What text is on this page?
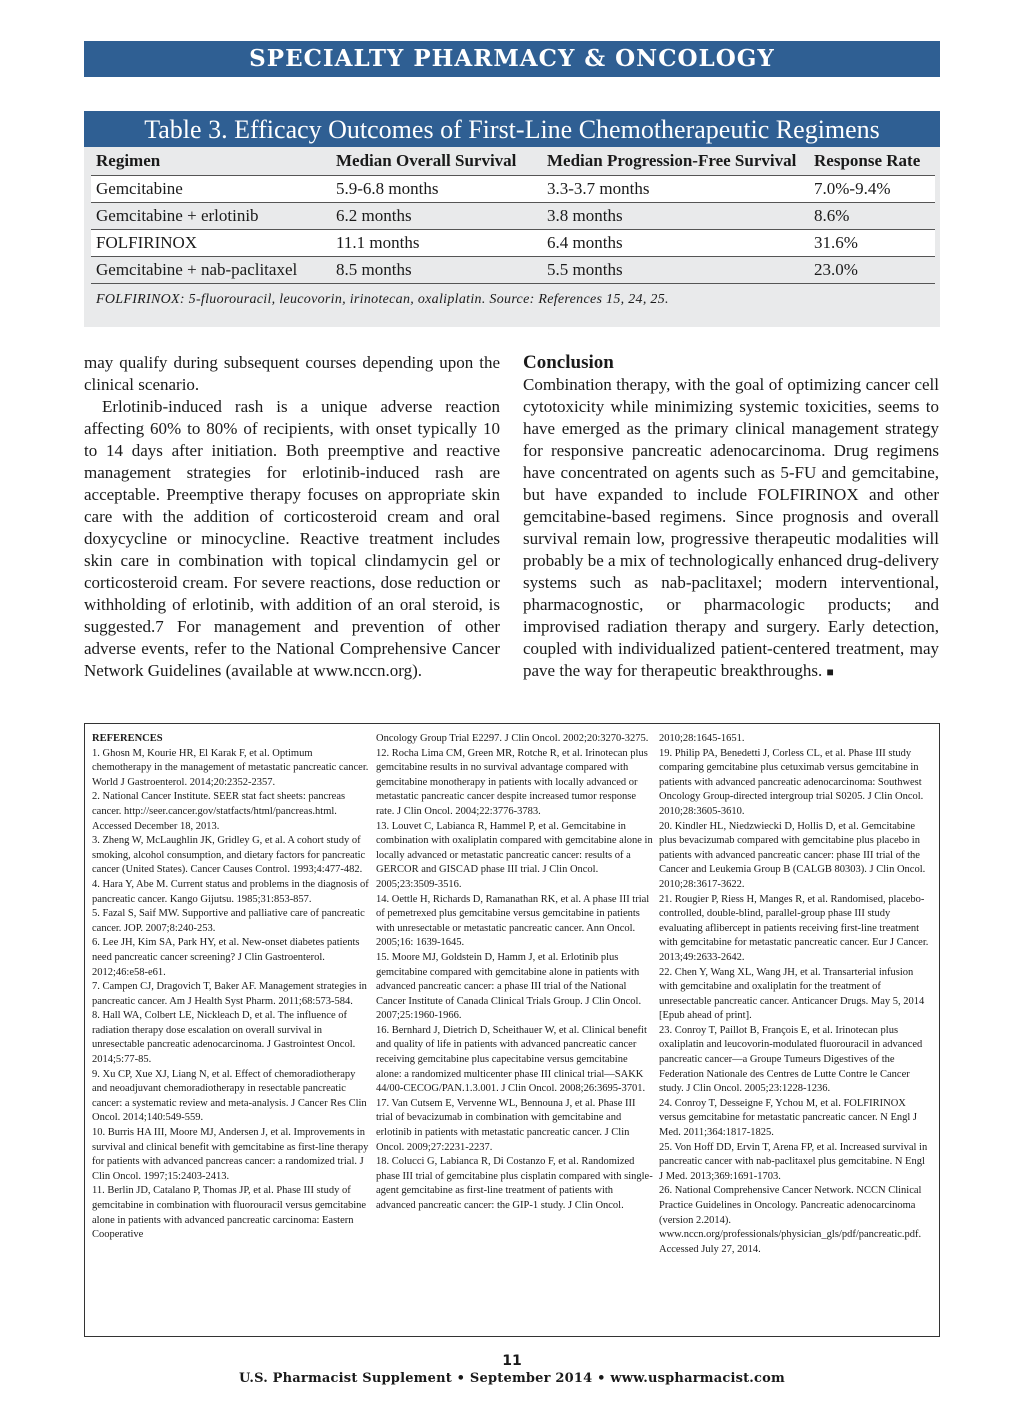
SPECIALTY PHARMACY & ONCOLOGY
Table 3. Efficacy Outcomes of First-Line Chemotherapeutic Regimens
Regimen	Median Overall Survival	Median Progression-Free Survival	Response Rate
Gemcitabine	5.9-6.8 months	3.3-3.7 months	7.0%-9.4%
Gemcitabine + erlotinib	6.2 months	3.8 months	8.6%
FOLFIRINOX	11.1 months	6.4 months	31.6%
Gemcitabine + nab-paclitaxel	8.5 months	5.5 months	23.0%
FOLFIRINOX: 5-fluorouracil, leucovorin, irinotecan, oxaliplatin. Source: References 15, 24, 25.

may qualify during subsequent courses depending upon the clinical scenario.

Erlotinib-induced rash is a unique adverse reaction affecting 60% to 80% of recipients, with onset typically 10 to 14 days after initiation. Both preemptive and reactive management strategies for erlotinib-induced rash are acceptable. Preemptive therapy focuses on appropriate skin care with the addition of corticosteroid cream and oral doxycycline or minocycline. Reactive treatment includes skin care in combination with topical clindamycin gel or corticosteroid cream. For severe reactions, dose reduction or withholding of erlotinib, with addition of an oral steroid, is suggested.7 For management and prevention of other adverse events, refer to the National Comprehensive Cancer Network Guidelines (available at www.nccn.org).

Conclusion

Combination therapy, with the goal of optimizing cancer cell cytotoxicity while minimizing systemic toxicities, seems to have emerged as the primary clinical management strategy for responsive pancreatic adenocarcinoma. Drug regimens have concentrated on agents such as 5-FU and gemcitabine, but have expanded to include FOLFIRINOX and other gemcitabine-based regimens. Since prognosis and overall survival remain low, progressive therapeutic modalities will probably be a mix of technologically enhanced drug-delivery systems such as nab-paclitaxel; modern interventional, pharmacognostic, or pharmacologic products; and improvised radiation therapy and surgery. Early detection, coupled with individualized patient-centered treatment, may pave the way for therapeutic breakthroughs. ■

REFERENCES

1. Ghosn M, Kourie HR, El Karak F, et al. Optimum chemotherapy in the management of metastatic pancreatic cancer. World J Gastroenterol. 2014;20:2352-2357.

2. National Cancer Institute. SEER stat fact sheets: pancreas cancer. http://seer.cancer.gov/statfacts/html/pancreas.html. Accessed December 18, 2013.

3. Zheng W, McLaughlin JK, Gridley G, et al. A cohort study of smoking, alcohol consumption, and dietary factors for pancreatic cancer (United States). Cancer Causes Control. 1993;4:477-482.

4. Hara Y, Abe M. Current status and problems in the diagnosis of pancreatic cancer. Kango Gijutsu. 1985;31:853-857.

5. Fazal S, Saif MW. Supportive and palliative care of pancreatic cancer. JOP. 2007;8:240-253.

6. Lee JH, Kim SA, Park HY, et al. New-onset diabetes patients need pancreatic cancer screening? J Clin Gastroenterol. 2012;46:e58-e61.

7. Campen CJ, Dragovich T, Baker AF. Management strategies in pancreatic cancer. Am J Health Syst Pharm. 2011;68:573-584.

8. Hall WA, Colbert LE, Nickleach D, et al. The influence of radiation therapy dose escalation on overall survival in unresectable pancreatic adenocarcinoma. J Gastrointest Oncol. 2014;5:77-85.

9. Xu CP, Xue XJ, Liang N, et al. Effect of chemoradiotherapy and neoadjuvant chemoradiotherapy in resectable pancreatic cancer: a systematic review and meta-analysis. J Cancer Res Clin Oncol. 2014;140:549-559.

10. Burris HA III, Moore MJ, Andersen J, et al. Improvements in survival and clinical benefit with gemcitabine as first-line therapy for patients with advanced pancreas cancer: a randomized trial. J Clin Oncol. 1997;15:2403-2413.

11. Berlin JD, Catalano P, Thomas JP, et al. Phase III study of gemcitabine in combination with fluorouracil versus gemcitabine alone in patients with advanced pancreatic carcinoma: Eastern Cooperative

Oncology Group Trial E2297. J Clin Oncol. 2002;20:3270-3275.

12. Rocha Lima CM, Green MR, Rotche R, et al. Irinotecan plus gemcitabine results in no survival advantage compared with gemcitabine monotherapy in patients with locally advanced or metastatic pancreatic cancer despite increased tumor response rate. J Clin Oncol. 2004;22:3776-3783.

13. Louvet C, Labianca R, Hammel P, et al. Gemcitabine in combination with oxaliplatin compared with gemcitabine alone in locally advanced or metastatic pancreatic cancer: results of a GERCOR and GISCAD phase III trial. J Clin Oncol. 2005;23:3509-3516.

14. Oettle H, Richards D, Ramanathan RK, et al. A phase III trial of pemetrexed plus gemcitabine versus gemcitabine in patients with unresectable or metastatic pancreatic cancer. Ann Oncol. 2005;16: 1639-1645.

15. Moore MJ, Goldstein D, Hamm J, et al. Erlotinib plus gemcitabine compared with gemcitabine alone in patients with advanced pancreatic cancer: a phase III trial of the National Cancer Institute of Canada Clinical Trials Group. J Clin Oncol. 2007;25:1960-1966.

16. Bernhard J, Dietrich D, Scheithauer W, et al. Clinical benefit and quality of life in patients with advanced pancreatic cancer receiving gemcitabine plus capecitabine versus gemcitabine alone: a randomized multicenter phase III clinical trial—SAKK 44/00-CECOG/PAN.1.3.001. J Clin Oncol. 2008;26:3695-3701.

17. Van Cutsem E, Vervenne WL, Bennouna J, et al. Phase III trial of bevacizumab in combination with gemcitabine and erlotinib in patients with metastatic pancreatic cancer. J Clin Oncol. 2009;27:2231-2237.

18. Colucci G, Labianca R, Di Costanzo F, et al. Randomized phase III trial of gemcitabine plus cisplatin compared with single-agent gemcitabine as first-line treatment of patients with advanced pancreatic cancer: the GIP-1 study. J Clin Oncol.

2010;28:1645-1651.

19. Philip PA, Benedetti J, Corless CL, et al. Phase III study comparing gemcitabine plus cetuximab versus gemcitabine in patients with advanced pancreatic adenocarcinoma: Southwest Oncology Group-directed intergroup trial S0205. J Clin Oncol. 2010;28:3605-3610.

20. Kindler HL, Niedzwiecki D, Hollis D, et al. Gemcitabine plus bevacizumab compared with gemcitabine plus placebo in patients with advanced pancreatic cancer: phase III trial of the Cancer and Leukemia Group B (CALGB 80303). J Clin Oncol. 2010;28:3617-3622.

21. Rougier P, Riess H, Manges R, et al. Randomised, placebo-controlled, double-blind, parallel-group phase III study evaluating aflibercept in patients receiving first-line treatment with gemcitabine for metastatic pancreatic cancer. Eur J Cancer. 2013;49:2633-2642.

22. Chen Y, Wang XL, Wang JH, et al. Transarterial infusion with gemcitabine and oxaliplatin for the treatment of unresectable pancreatic cancer. Anticancer Drugs. May 5, 2014 [Epub ahead of print].

23. Conroy T, Paillot B, François E, et al. Irinotecan plus oxaliplatin and leucovorin-modulated fluorouracil in advanced pancreatic cancer—a Groupe Tumeurs Digestives of the Federation Nationale des Centres de Lutte Contre le Cancer study. J Clin Oncol. 2005;23:1228-1236.

24. Conroy T, Desseigne F, Ychou M, et al. FOLFIRINOX versus gemcitabine for metastatic pancreatic cancer. N Engl J Med. 2011;364:1817-1825.

25. Von Hoff DD, Ervin T, Arena FP, et al. Increased survival in pancreatic cancer with nab-paclitaxel plus gemcitabine. N Engl J Med. 2013;369:1691-1703.

26. National Comprehensive Cancer Network. NCCN Clinical Practice Guidelines in Oncology. Pancreatic adenocarcinoma (version 2.2014). www.nccn.org/professionals/physician_gls/pdf/pancreatic.pdf. Accessed July 27, 2014.

11
U.S. Pharmacist Supplement • September 2014 • www.uspharmacist.com
